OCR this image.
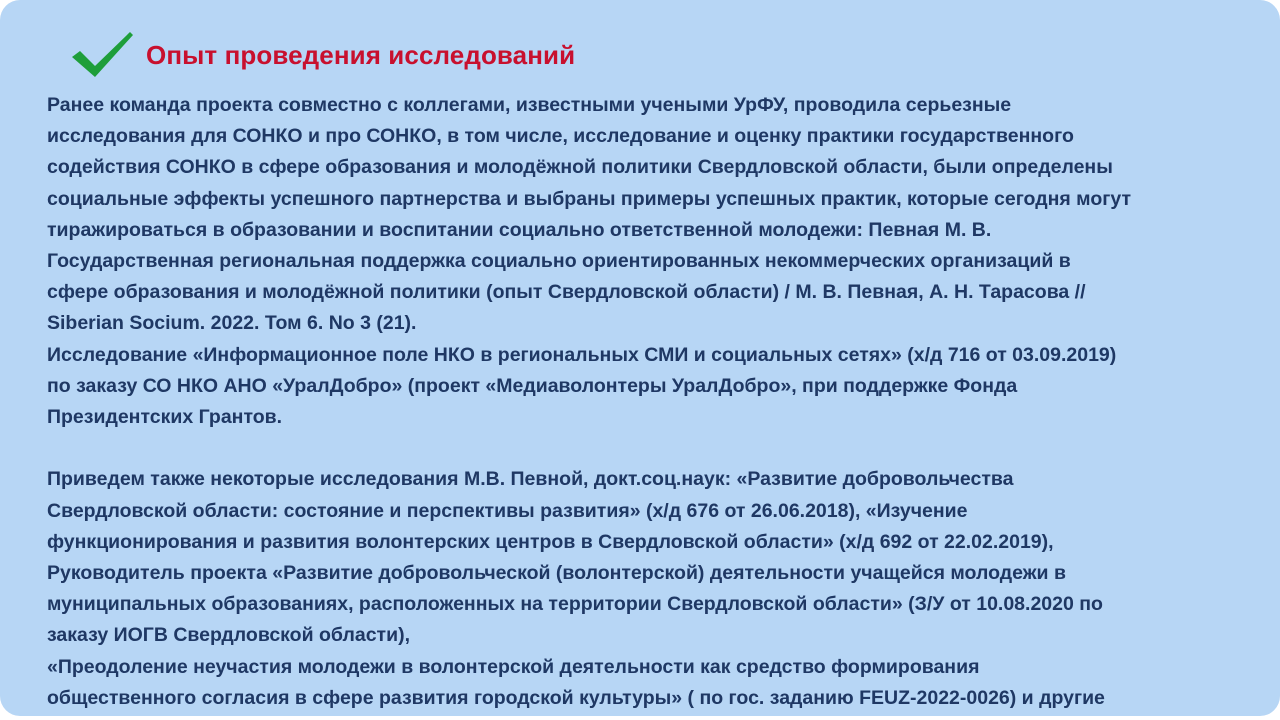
Опыт проведения исследований

Ранее команда проекта совместно с коллегами, известными учеными УрФУ, проводила серьезные

исследования для СОНКО и про СОНКО, в том числе, исследование и оценку практики государственного

содействия СОНКО в сфере образования и молодёжной политики Свердловской области, были определены

социальные эффекты успешного партнерства и выбраны примеры успешных практик, которые сегодня могут

тиражироваться в образовании и воспитании социально ответственной молодежи: Певная М. В.

Государственная региональная поддержка социально ориентированных некоммерческих организаций в

сфере образования и молодёжной политики (опыт Свердловской области) / М. В. Певная, А. Н. Тарасова //

Siberian Socium. 2022. Том 6. No 3 (21).

Исследование «Информационное поле НКО в региональных СМИ и социальных сетях» (х/д 716 от 03.09.2019)

по заказу СО НКО АНО «УралДобро» (проект «Медиаволонтеры УралДобро», при поддержке Фонда

Президентских Грантов.

Приведем также некоторые исследования М.В. Певной, докт.соц.наук: «Развитие добровольчества

Свердловской области: состояние и перспективы развития» (х/д 676 от 26.06.2018), «Изучение

функционирования и развития волонтерских центров в Свердловской области» (х/д 692 от 22.02.2019),

Руководитель проекта «Развитие добровольческой (волонтерской) деятельности учащейся молодежи в

муниципальных образованиях, расположенных на территории Свердловской области» (З/У от 10.08.2020 по

заказу ИОГВ Свердловской области),

«Преодоление неучастия молодежи в волонтерской деятельности как средство формирования

общественного согласия в сфере развития городской культуры» ( по гос. заданию FEUZ-2022-0026) и другие
